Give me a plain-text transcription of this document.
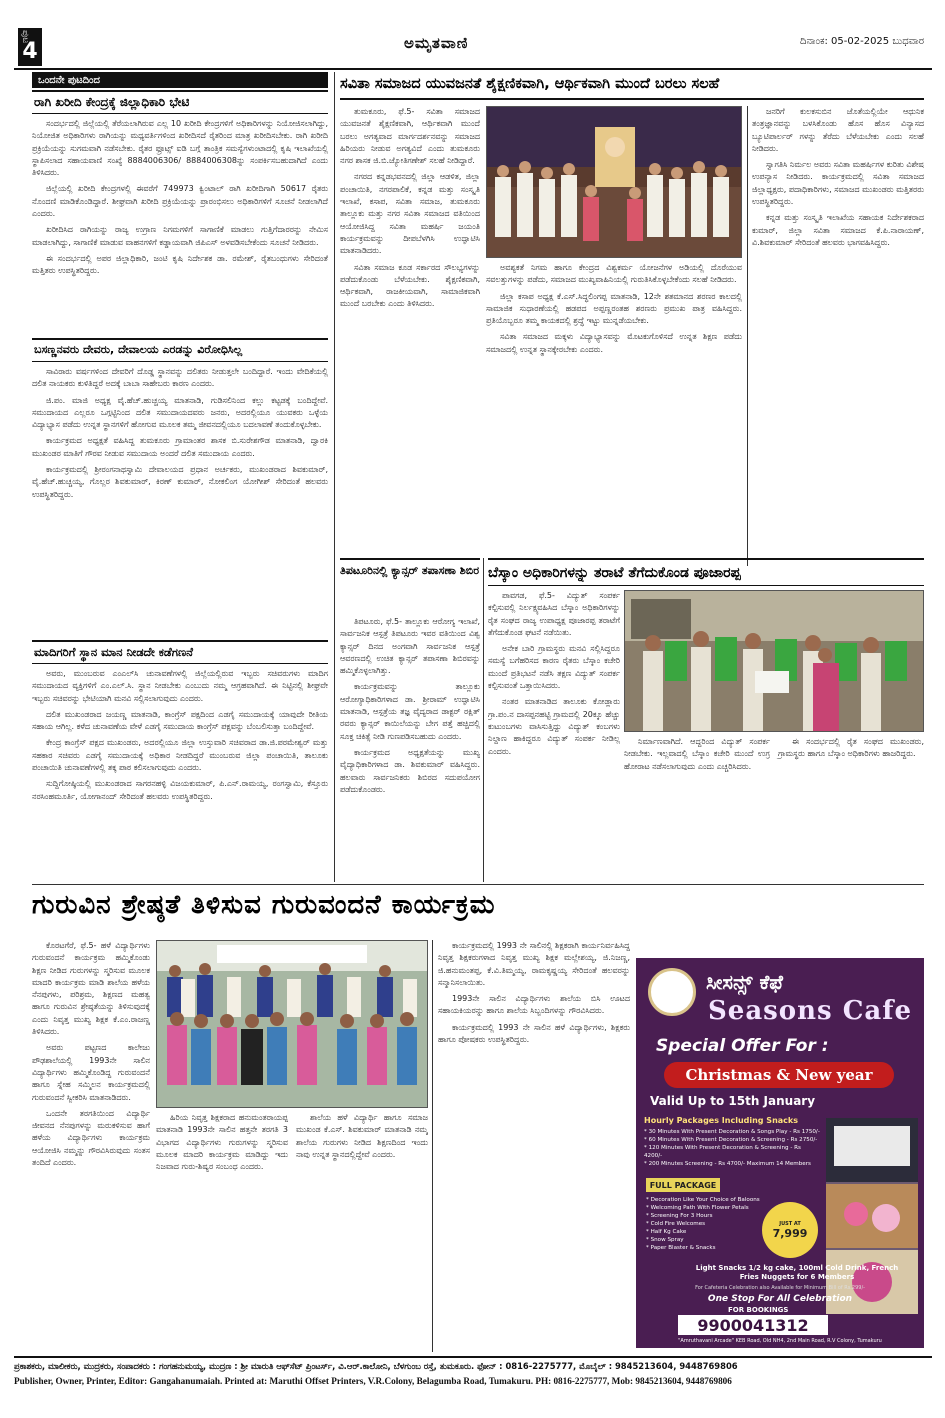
4
ಪುಟ	ಅಮೃತವಾಣಿ	ದಿನಾಂಕ: 05-02-2025 ಬುಧವಾರ
ಒಂದನೇ ಪುಟದಿಂದ
ರಾಗಿ ಖರೀದಿ ಕೇಂದ್ರಕ್ಕೆ ಜಿಲ್ಲಾಧಿಕಾರಿ ಭೇಟಿ

ಸಂದರ್ಭದಲ್ಲಿ ಜಿಲ್ಲೆಯಲ್ಲಿ ತೆರೆಯಲಾಗಿರುವ ಎಲ್ಲ 10 ಖರೀದಿ ಕೇಂದ್ರಗಳಿಗೆ ಅಧಿಕಾರಿಗಳನ್ನು ನಿಯೋಜಿಸಲಾಗಿದ್ದು, ನಿಯೋಜಿತ ಅಧಿಕಾರಿಗಳು ರಾಗಿಯನ್ನು ಮಧ್ಯವರ್ತಿಗಳಿಂದ ಖರೀದಿಸದೆ ರೈತರಿಂದ ಮಾತ್ರ ಖರೀದಿಸಬೇಕು. ರಾಗಿ ಖರೀದಿ ಪ್ರಕ್ರಿಯೆಯನ್ನು ಸುಗಮವಾಗಿ ನಡೆಸಬೇಕು. ರೈತರ ಫ್ರೂಟ್ಸ್ ಐಡಿ ಬಗ್ಗೆ ತಾಂತ್ರಿಕ ಸಮಸ್ಯೆಗಳುಂಟಾದಲ್ಲಿ ಕೃಷಿ ಇಲಾಖೆಯಲ್ಲಿ ಸ್ಥಾಪಿಸಲಾದ ಸಹಾಯವಾಣಿ ಸಂಖ್ಯೆ 8884006306/ 8884006308ನ್ನು ಸಂಪರ್ಕಿಸಬಹುದಾಗಿದೆ ಎಂದು ತಿಳಿಸಿದರು.

ಜಿಲ್ಲೆಯಲ್ಲಿ ಖರೀದಿ ಕೇಂದ್ರಗಳಲ್ಲಿ ಈವರೆಗೆ 749973 ಕ್ವಿಂಟಾಲ್ ರಾಗಿ ಖರೀದಿಗಾಗಿ 50617 ರೈತರು ನೊಂದಣಿ ಮಾಡಿಕೊಂಡಿದ್ದಾರೆ. ಶೀಘ್ರವಾಗಿ ಖರೀದಿ ಪ್ರಕ್ರಿಯೆಯನ್ನು ಪ್ರಾರಂಭಿಸಲು ಅಧಿಕಾರಿಗಳಿಗೆ ಸೂಚನೆ ನೀಡಲಾಗಿದೆ ಎಂದರು.

ಖರೀದಿಸಿದ ರಾಗಿಯನ್ನು ರಾಜ್ಯ ಉಗ್ರಾಣ ನಿಗಮಗಳಿಗೆ ಸಾಗಾಣಿಕೆ ಮಾಡಲು ಗುತ್ತಿಗೆದಾರರನ್ನು ನೇಮಿಸ ಮಾಡಲಾಗಿದ್ದು, ಸಾಗಾಣಿಕೆ ಮಾಡುವ ವಾಹನಗಳಿಗೆ ಕಡ್ಡಾಯವಾಗಿ ಜಿಪಿಎಸ್ ಅಳವಡಿಸಬೇಕೆಂದು ಸೂಚನೆ ನೀಡಿದರು.

ಈ ಸಂದರ್ಭದಲ್ಲಿ ಅಪರ ಜಿಲ್ಲಾಧಿಕಾರಿ, ಜಂಟಿ ಕೃಷಿ ನಿರ್ದೇಶಕ ಡಾ. ರಮೇಶ್, ರೈತಬಂಧುಗಳು ಸೇರಿದಂತೆ ಮತ್ತಿತರು ಉಪಸ್ಥಿತರಿದ್ದರು.

ಬಸಣ್ಣನವರು ದೇವರು, ದೇವಾಲಯ ಎರಡನ್ನು ವಿರೋಧಿಸಿಲ್ಲ

ಸಾವಿರಾರು ವರ್ಷಗಳಿಂದ ದೇವರಿಗೆ ದೊಡ್ಡ ಸ್ಥಾನವನ್ನು ದಲಿತರು ನೀಡುತ್ತಲೇ ಬಂದಿದ್ದಾರೆ. ಇಂದು ವೇದಿಕೆಯಲ್ಲಿ ದಲಿತ ನಾಯಕರು ಕುಳಿತಿದ್ದರೆ ಅದಕ್ಕೆ ಬಾಬಾ ಸಾಹೇಬರು ಕಾರಣ ಎಂದರು.

ಜಿ.ಪಂ. ಮಾಜಿ ಅಧ್ಯಕ್ಷ ವೈ.ಹೆಚ್.ಹುಚ್ಚಯ್ಯ ಮಾತನಾಡಿ, ಗುಡಿಸಲಿನಿಂದ ಕಲ್ಲು ಕಟ್ಟಡಕ್ಕೆ ಬಂದಿದ್ದೇವೆ. ಸಮುದಾಯದ ಎಲ್ಲರೂ ಒಗ್ಗಟ್ಟಿನಿಂದ ದಲಿತ ಸಮುದಾಯದವರು ಜನರು, ಅದರಲ್ಲಿಯೂ ಯುವಕರು ಒಳ್ಳೆಯ ವಿದ್ಯಾಭ್ಯಾಸ ಪಡೆದು ಉನ್ನತ ಸ್ಥಾನಗಳಿಗೆ ಹೋಗುವ ಮೂಲಕ ತಮ್ಮ ಜೀವನದಲ್ಲಿಯೂ ಬದಲಾವಣೆ ತಂದುಕೊಳ್ಳಬೇಕು.

ಕಾರ್ಯಕ್ರಮದ ಅಧ್ಯಕ್ಷತೆ ವಹಿಸಿದ್ದ ತುಮಕೂರು ಗ್ರಾಮಾಂತರ ಶಾಸಕ ಬಿ.ಸುರೇಶಗೌಡ ಮಾತನಾಡಿ, ದ್ವಾರಕಿ ಮುಖಂಡರ ಮಾತಿಗೆ ಗೌರವ ನೀಡುವ ಸಮುದಾಯ ಅಂದರೆ ದಲಿತ ಸಮುದಾಯ ಎಂದರು.

ಕಾರ್ಯಕ್ರಮದಲ್ಲಿ ಶ್ರೀರಂಗನಾಥಸ್ವಾಮಿ ದೇವಾಲಯದ ಪ್ರಧಾನ ಅರ್ಚಕರು, ಮುಖಂಡರಾದ ಶಿವಕುಮಾರ್, ವೈ.ಹೆಚ್.ಹುಚ್ಚಯ್ಯ, ಗೊಲ್ಲರ ಶಿವಕುಮಾರ್, ಕಿರಣ್ ಕುಮಾರ್, ನೋಕಲಿಂಗ ಯೋಗೀಶ್ ಸೇರಿದಂತೆ ಹಲವರು ಉಪಸ್ಥಿತರಿದ್ದರು.

ಮಾದಿಗರಿಗೆ ಸ್ಥಾನ ಮಾನ ನೀಡದೇ ಕಡೆಗಣನೆ

ಅವರು, ಮುಂಬರುವ ಎಂಎಲ್‌ಸಿ ಚುನಾವಣೆಗಳಲ್ಲಿ ಜಿಲ್ಲೆಯಲ್ಲಿರುವ ಇಬ್ಬರು ಸಚಿವರುಗಳು ಮಾದಿಗ ಸಮುದಾಯದ ವ್ಯಕ್ತಿಗಳಿಗೆ ಎಂ.ಎಲ್.ಸಿ. ಸ್ಥಾನ ನೀಡಬೇಕು ಎಂಬುದು ನಮ್ಮ ಆಗ್ರಹವಾಗಿದೆ. ಈ ನಿಟ್ಟಿನಲ್ಲಿ ಶೀಘ್ರವೇ ಇಬ್ಬರು ಸಚಿವರನ್ನು ಭೇಟಿಯಾಗಿ ಮನವಿ ಸಲ್ಲಿಸಲಾಗುವುದು ಎಂದರು.

ದಲಿತ ಮುಖಂಡರಾದ ಜಯಣ್ಣ ಮಾತನಾಡಿ, ಕಾಂಗ್ರೆಸ್ ಪಕ್ಷದಿಂದ ಎಡಗೈ ಸಮುದಾಯಕ್ಕೆ ಯಾವುದೇ ರೀತಿಯ ಸಹಾಯ ಆಗಿಲ್ಲ. ಕಳೆದ ಚುನಾವಣೆಯ ವೇಳೆ ಎಡಗೈ ಸಮುದಾಯ ಕಾಂಗ್ರೆಸ್ ಪಕ್ಷವನ್ನು ಬೆಂಬಲಿಸುತ್ತಾ ಬಂದಿದ್ದೇವೆ.

ಕೇಂದ್ರ ಕಾಂಗ್ರೆಸ್ ಪಕ್ಷದ ಮುಖಂಡರು, ಅದರಲ್ಲಿಯೂ ಜಿಲ್ಲಾ ಉಸ್ತುವಾರಿ ಸಚಿವರಾದ ಡಾ.ಜಿ.ಪರಮೇಶ್ವರ್ ಮತ್ತು ಸಹಕಾರ ಸಚಿವರು ಎಡಗೈ ಸಮುದಾಯಕ್ಕೆ ಅಧಿಕಾರ ನೀಡದಿದ್ದರೆ ಮುಂಬರುವ ಜಿಲ್ಲಾ ಪಂಚಾಯಿತಿ, ತಾಲೂಕು ಪಂಚಾಯಿತಿ ಚುನಾವಣೆಗಳಲ್ಲಿ ತಕ್ಕ ಪಾಠ ಕಲಿಸಲಾಗುವುದು ಎಂದರು.

ಸುದ್ದಿಗೋಷ್ಠಿಯಲ್ಲಿ ಮುಖಂಡರಾದ ಸಾಗರನಹಳ್ಳಿ ವಿಜಯಕುಮಾರ್, ಪಿ.ಎನ್.ರಾಮಯ್ಯ, ರಂಗಸ್ವಾಮಿ, ಕೆಸ್ತೂರು ನರಸಿಂಹಮೂರ್ತಿ, ಯೋಗಾನಂದ್ ಸೇರಿದಂತೆ ಹಲವರು ಉಪಸ್ಥಿತರಿದ್ದರು.

ಸವಿತಾ ಸಮಾಜದ ಯುವಜನತೆ ಶೈಕ್ಷಣಿಕವಾಗಿ, ಆರ್ಥಿಕವಾಗಿ ಮುಂದೆ ಬರಲು ಸಲಹೆ

ತುಮಕೂರು, ಫೆ.5- ಸವಿತಾ ಸಮಾಜದ ಯುವಜನತೆ ಶೈಕ್ಷಣಿಕವಾಗಿ, ಆರ್ಥಿಕವಾಗಿ ಮುಂದೆ ಬರಲು ಅಗತ್ಯವಾದ ಮಾರ್ಗದರ್ಶನವನ್ನು ಸಮಾಜದ ಹಿರಿಯರು ನೀಡುವ ಅಗತ್ಯವಿದೆ ಎಂದು ತುಮಕೂರು ನಗರ ಶಾಸಕ ಜಿ.ಬಿ.ಜ್ಯೋತಿಗಣೇಶ್ ಸಲಹೆ ನೀಡಿದ್ದಾರೆ.

ನಗರದ ಕನ್ನಡಭವನದಲ್ಲಿ ಜಿಲ್ಲಾ ಆಡಳಿತ, ಜಿಲ್ಲಾ ಪಂಚಾಯಿತಿ, ನಗರಪಾಲಿಕೆ, ಕನ್ನಡ ಮತ್ತು ಸಂಸ್ಕೃತಿ ಇಲಾಖೆ, ಕಸಾಪ, ಸವಿತಾ ಸಮಾಜ, ತುಮಕೂರು ತಾಲ್ಲೂಕು ಮತ್ತು ನಗರ ಸವಿತಾ ಸಮಾಜದ ವತಿಯಿಂದ ಆಯೋಜಿಸಿದ್ದ ಸವಿತಾ ಮಹರ್ಷಿ ಜಯಂತಿ ಕಾರ್ಯಕ್ರಮವನ್ನು ದೀಪಬೆಳಗಿಸಿ ಉದ್ಘಾಟಿಸಿ ಮಾತನಾಡಿದರು.

ಸವಿತಾ ಸಮಾಜ ಕೂಡ ಸರ್ಕಾರದ ಸೌಲಭ್ಯಗಳನ್ನು ಪಡೆದುಕೊಂಡು ಬೆಳೆಯಬೇಕು. ಶೈಕ್ಷಣಿಕವಾಗಿ, ಆರ್ಥಿಕವಾಗಿ, ರಾಜಕೀಯವಾಗಿ, ಸಾಮಾಜಿಕವಾಗಿ ಮುಂದೆ ಬರಬೇಕು ಎಂದು ತಿಳಿಸಿದರು.

ಅವಶ್ಯಕತೆ ನಿಗಮ ಹಾಗೂ ಕೇಂದ್ರದ ವಿಶ್ವಕರ್ಮ ಯೋಜನೆಗಳ ಅಡಿಯಲ್ಲಿ ದೊರೆಯುವ ಸವಲತ್ತುಗಳನ್ನು ಪಡೆದು, ಸಮಾಜದ ಮುಖ್ಯವಾಹಿನಿಯಲ್ಲಿ ಗುರುತಿಸಿಕೊಳ್ಳಬೇಕೆಂದು ಸಲಹೆ ನೀಡಿದರು.

ಜಿಲ್ಲಾ ಕಸಾಪ ಅಧ್ಯಕ್ಷ ಕೆ.ಎಸ್.ಸಿದ್ಧಲಿಂಗಪ್ಪ ಮಾತನಾಡಿ, 12ನೇ ಶತಮಾನದ ಶರಣರ ಕಾಲದಲ್ಲಿ ಸಾಮಾಜಿಕ ಸುಧಾರಣೆಯಲ್ಲಿ ಹಡಪದ ಅಪ್ಪಣ್ಣರಂತಹ ಶರಣರು ಪ್ರಮುಖ ಪಾತ್ರ ವಹಿಸಿದ್ದರು. ಪ್ರತಿಯೊಬ್ಬರೂ ತಮ್ಮ ಕಾಯಕದಲ್ಲಿ ಶ್ರದ್ಧೆ ಇಟ್ಟು ಮುನ್ನಡೆಯಬೇಕು.

ಸವಿತಾ ಸಮಾಜದ ಮಕ್ಕಳು ವಿದ್ಯಾಭ್ಯಾಸವನ್ನು ಮೊಟಕುಗೊಳಿಸದೆ ಉನ್ನತ ಶಿಕ್ಷಣ ಪಡೆದು ಸಮಾಜದಲ್ಲಿ ಉನ್ನತ ಸ್ಥಾನಕ್ಕೇರಬೇಕು ಎಂದರು.

ಜನರಿಗೆ ಕುಲಕಸುಬಿನ ಜೊತೆಯಲ್ಲಿಯೇ ಆಧುನಿಕ ತಂತ್ರಜ್ಞಾನವನ್ನು ಬಳಸಿಕೊಂಡು ಹೊಸ ಹೊಸ ವಿನ್ಯಾಸದ ಬ್ಯೂಟಿಪಾರ್ಲರ್ ಗಳನ್ನು ತೆರೆದು ಬೆಳೆಯಬೇಕು ಎಂದು ಸಲಹೆ ನೀಡಿದರು.

ಸ್ವಾಗತಿಸಿ ನಿರ್ಮಲ ಅವರು ಸವಿತಾ ಮಹರ್ಷಿಗಳ ಕುರಿತು ವಿಶೇಷ ಉಪನ್ಯಾಸ ನೀಡಿದರು. ಕಾರ್ಯಕ್ರಮದಲ್ಲಿ ಸವಿತಾ ಸಮಾಜದ ಜಿಲ್ಲಾಧ್ಯಕ್ಷರು, ಪದಾಧಿಕಾರಿಗಳು, ಸಮಾಜದ ಮುಖಂಡರು ಮತ್ತಿತರರು ಉಪಸ್ಥಿತರಿದ್ದರು.

ಕನ್ನಡ ಮತ್ತು ಸಂಸ್ಕೃತಿ ಇಲಾಖೆಯ ಸಹಾಯಕ ನಿರ್ದೇಶಕರಾದ ಕುಮಾರ್, ಜಿಲ್ಲಾ ಸವಿತಾ ಸಮಾಜದ ಕೆ.ಪಿ.ನಾರಾಯಣ್, ವಿ.ಶಿವಕುಮಾರ್ ಸೇರಿದಂತೆ ಹಲವರು ಭಾಗವಹಿಸಿದ್ದರು.

ತಿಪಟೂರಿನಲ್ಲಿ ಕ್ಯಾನ್ಸರ್ ತಪಾಸಣಾ ಶಿಬಿರ

ತಿಪಟೂರು, ಫೆ.5- ತಾಲ್ಲೂಕು ಆರೋಗ್ಯ ಇಲಾಖೆ, ಸಾರ್ವಜನಿಕ ಆಸ್ಪತ್ರೆ ತಿಪಟೂರು ಇವರ ವತಿಯಿಂದ ವಿಶ್ವ ಕ್ಯಾನ್ಸರ್ ದಿನದ ಅಂಗವಾಗಿ ಸಾರ್ವಜನಿಕ ಆಸ್ಪತ್ರೆ ಆವರಣದಲ್ಲಿ ಉಚಿತ ಕ್ಯಾನ್ಸರ್ ತಪಾಸಣಾ ಶಿಬಿರವನ್ನು ಹಮ್ಮಿಕೊಳ್ಳಲಾಗಿತ್ತು.

ಕಾರ್ಯಕ್ರಮವನ್ನು ತಾಲ್ಲೂಕು ಆರೋಗ್ಯಾಧಿಕಾರಿಗಳಾದ ಡಾ. ಶ್ರೀರಾಮ್ ಉದ್ಘಾಟಿಸಿ ಮಾತನಾಡಿ, ಆಸ್ಪತ್ರೆಯ ತಜ್ಞ ವೈದ್ಯರಾದ ಡಾಕ್ಟರ್ ರಕ್ಷಿತ್ ರವರು ಕ್ಯಾನ್ಸರ್ ಕಾಯಿಲೆಯನ್ನು ಬೇಗ ಪತ್ತೆ ಹಚ್ಚಿದಲ್ಲಿ ಸೂಕ್ತ ಚಿಕಿತ್ಸೆ ನೀಡಿ ಗುಣಪಡಿಸಬಹುದು ಎಂದರು.

ಕಾರ್ಯಕ್ರಮದ ಅಧ್ಯಕ್ಷತೆಯನ್ನು ಮುಖ್ಯ ವೈದ್ಯಾಧಿಕಾರಿಗಳಾದ ಡಾ. ಶಿವಕುಮಾರ್ ವಹಿಸಿದ್ದರು. ಹಲವಾರು ಸಾರ್ವಜನಿಕರು ಶಿಬಿರದ ಸದುಪಯೋಗ ಪಡೆದುಕೊಂಡರು.

ಬೆಸ್ಕಾಂ ಅಧಿಕಾರಿಗಳನ್ನು ತರಾಟೆ ತೆಗೆದುಕೊಂಡ ಪೂಜಾರಪ್ಪ

ಪಾವಗಡ, ಫೆ.5- ವಿದ್ಯುತ್ ಸಂಪರ್ಕ ಕಲ್ಪಿಸುವಲ್ಲಿ ನಿರ್ಲಕ್ಷ್ಯವಹಿಸಿದ ಬೆಸ್ಕಾಂ ಅಧಿಕಾರಿಗಳನ್ನು ರೈತ ಸಂಘದ ರಾಜ್ಯ ಉಪಾಧ್ಯಕ್ಷ ಪೂಜಾರಪ್ಪ ತರಾಟೆಗೆ ತೆಗೆದುಕೊಂಡ ಘಟನೆ ನಡೆಯಿತು.

ಅನೇಕ ಬಾರಿ ಗ್ರಾಮಸ್ಥರು ಮನವಿ ಸಲ್ಲಿಸಿದ್ದರೂ ಸಮಸ್ಯೆ ಬಗೆಹರಿಸದ ಕಾರಣ ರೈತರು ಬೆಸ್ಕಾಂ ಕಚೇರಿ ಮುಂದೆ ಪ್ರತಿಭಟನೆ ನಡೆಸಿ ತಕ್ಷಣ ವಿದ್ಯುತ್ ಸಂಪರ್ಕ ಕಲ್ಪಿಸುವಂತೆ ಒತ್ತಾಯಿಸಿದರು.

ನಂತರ ಮಾತನಾಡಿದ ತಾಲೂಕು ಕೋಡ್ಲಾರು ಗ್ರಾ.ಪಂ.ನ ದಾಸಪ್ಪನಹಟ್ಟಿ ಗ್ರಾಮದಲ್ಲಿ 20ಕ್ಕೂ ಹೆಚ್ಚು ಕುಟುಂಬಗಳು ವಾಸಿಸುತ್ತಿದ್ದು ವಿದ್ಯುತ್ ಕಂಬಗಳು ನಿಲ್ದಾಣ ಹಾಕಿದ್ದರೂ ವಿದ್ಯುತ್ ಸಂಪರ್ಕ ನೀಡಿಲ್ಲ ಎಂದರು.

ನಿರ್ಮಾಣವಾಗಿದೆ. ಆದ್ದರಿಂದ ವಿದ್ಯುತ್ ಸಂಪರ್ಕ ನೀಡಬೇಕು. ಇಲ್ಲವಾದಲ್ಲಿ ಬೆಸ್ಕಾಂ ಕಚೇರಿ ಮುಂದೆ ಉಗ್ರ ಹೋರಾಟ ನಡೆಸಲಾಗುವುದು ಎಂದು ಎಚ್ಚರಿಸಿದರು.

ಈ ಸಂದರ್ಭದಲ್ಲಿ ರೈತ ಸಂಘದ ಮುಖಂಡರು, ಗ್ರಾಮಸ್ಥರು ಹಾಗೂ ಬೆಸ್ಕಾಂ ಅಧಿಕಾರಿಗಳು ಹಾಜರಿದ್ದರು.

ಗುರುವಿನ ಶ್ರೇಷ್ಠತೆ ತಿಳಿಸುವ ಗುರುವಂದನೆ ಕಾರ್ಯಕ್ರಮ

ಕೊರಟಗೆರೆ, ಫೆ.5- ಹಳೆ ವಿದ್ಯಾರ್ಥಿಗಳು ಗುರುವಂದನೆ ಕಾರ್ಯಕ್ರಮ ಹಮ್ಮಿಕೊಂಡು ಶಿಕ್ಷಣ ನೀಡಿದ ಗುರುಗಳನ್ನು ಸ್ಮರಿಸುವ ಮೂಲಕ ಮಾದರಿ ಕಾರ್ಯಕ್ರಮ ಮಾಡಿ ಶಾಲೆಯ ಹಳೆಯ ನೆನಪುಗಳು, ಪರಿಶ್ರಮ, ಶಿಕ್ಷಣದ ಮಹತ್ವ ಹಾಗೂ ಗುರುವಿನ ಶ್ರೇಷ್ಠತೆಯನ್ನು ತಿಳಿಸುವುದಕ್ಕೆ ಎಂದು ನಿವೃತ್ತ ಮುಖ್ಯ ಶಿಕ್ಷಕ ಕೆ.ಎಂ.ರಾಜಣ್ಣ ತಿಳಿಸಿದರು.

ಅವರು ಪಟ್ಟಣದ ಕಾಲೇಜು ಪೌಢಶಾಲೆಯಲ್ಲಿ 1993ನೇ ಸಾಲಿನ ವಿದ್ಯಾರ್ಥಿಗಳು ಹಮ್ಮಿಕೊಂಡಿದ್ದ ಗುರುವಂದನೆ ಹಾಗೂ ಸ್ನೇಹ ಸಮ್ಮಿಲನ ಕಾರ್ಯಕ್ರಮದಲ್ಲಿ ಗುರುವಂದನೆ ಸ್ವೀಕರಿಸಿ ಮಾತನಾಡಿದರು.

ಒಂದನೇ ತರಗತಿಯಿಂದ ವಿದ್ಯಾರ್ಥಿ ಜೀವನದ ನೆನಪುಗಳನ್ನು ಮರುಕಳಿಸುವ ಹಾಗೆ ಹಳೆಯ ವಿದ್ಯಾರ್ಥಿಗಳು ಕಾರ್ಯಕ್ರಮ ಆಯೋಜಿಸಿ ನಮ್ಮನ್ನು ಗೌರವಿಸಿರುವುದು ಸಂತಸ ತಂದಿದೆ ಎಂದರು.

ಹಿರಿಯ ನಿವೃತ್ತ ಶಿಕ್ಷಕರಾದ ಹನುಮಂತರಾಯಪ್ಪ ಮಾತನಾಡಿ 1993ನೇ ಸಾಲಿನ ಹತ್ತನೇ ತರಗತಿ 3 ವಿಭಾಗದ ವಿದ್ಯಾರ್ಥಿಗಳು ಗುರುಗಳನ್ನು ಸ್ಮರಿಸುವ ಮೂಲಕ ಮಾದರಿ ಕಾರ್ಯಕ್ರಮ ಮಾಡಿದ್ದು ಇದು ನಿಜವಾದ ಗುರು-ಶಿಷ್ಯರ ಸಂಬಂಧ ಎಂದರು.

ಶಾಲೆಯ ಹಳೆ ವಿದ್ಯಾರ್ಥಿ ಹಾಗೂ ಸಮಾಜ ಮುಖಂಡ ಕೆ.ಎಸ್. ಶಿವಕುಮಾರ್ ಮಾತನಾಡಿ ನಮ್ಮ ಶಾಲೆಯ ಗುರುಗಳು ನೀಡಿದ ಶಿಕ್ಷಣದಿಂದ ಇಂದು ನಾವು ಉನ್ನತ ಸ್ಥಾನದಲ್ಲಿದ್ದೇವೆ ಎಂದರು.

ಕಾರ್ಯಕ್ರಮದಲ್ಲಿ 1993 ನೇ ಸಾಲಿನಲ್ಲಿ ಶಿಕ್ಷಕರಾಗಿ ಕಾರ್ಯನಿರ್ವಹಿಸಿದ್ದ ನಿವೃತ್ತ ಶಿಕ್ಷಕರುಗಳಾದ ನಿವೃತ್ತ ಮುಖ್ಯ ಶಿಕ್ಷಕ ಮಲ್ಲೇಶಯ್ಯ, ಜಿ.ನಿಜಣ್ಣ, ಜಿ.ಹನುಮಂತಪ್ಪ, ಕೆ.ವಿ.ತಿಮ್ಮಯ್ಯ, ರಾಮಕೃಷ್ಣಯ್ಯ ಸೇರಿದಂತೆ ಹಲವರನ್ನು ಸನ್ಮಾನಿಸಲಾಯಿತು.

1993ನೇ ಸಾಲಿನ ವಿದ್ಯಾರ್ಥಿಗಳು ಶಾಲೆಯ ಬಿಸಿ ಊಟದ ಸಹಾಯಕಿಯರನ್ನು ಹಾಗೂ ಶಾಲೆಯ ಸಿಬ್ಬಂದಿಗಳನ್ನು ಗೌರವಿಸಿದರು.

ಕಾರ್ಯಕ್ರಮದಲ್ಲಿ 1993 ನೇ ಸಾಲಿನ ಹಳೆ ವಿದ್ಯಾರ್ಥಿಗಳು, ಶಿಕ್ಷಕರು ಹಾಗೂ ಪೋಷಕರು ಉಪಸ್ಥಿತರಿದ್ದರು.

ಸೀಸನ್ಸ್ ಕೆಫೆ
Seasons Cafe
Special Offer For :
Christmas & New year
Valid Up to 15th January
Hourly Packages Including Snacks
* 30 Minutes With Present Decoration & Songs Play - Rs 1750/-
* 60 Minutes With Present Decoration & Screening - Rs 2750/-
* 120 Minutes With Present Decoration & Screening - Rs 4200/-
* 200 Minutes Screening - Rs 4700/- Maximum 14 Members
FULL PACKAGE
* Decoration Like Your Choice of Baloons
* Welcoming Path With Flower Petals
* Screening For 3 Hours
* Cold Fire Welcomes
* Half Kg Cake
* Snow Spray
* Paper Blaster & Snacks
JUST AT
7,999
Light Snacks 1/2 kg cake, 100ml Cold Drink, French Fries Nuggets for 6 Members
For Cafeteria Celebration also Available for Minimum Bill of Rs.299/-
One Stop For All Celebration
FOR BOOKINGS
9900041312
"Amruthavani Arcade" KEB Road, Old NH4, 2nd Main Road, R.V Colony, Tumakuru
ಪ್ರಕಾಶಕರು, ಮಾಲೀಕರು, ಮುದ್ರಕರು, ಸಂಪಾದಕರು : ಗಂಗಹನುಮಯ್ಯ, ಮುದ್ರಣ : ಶ್ರೀ ಮಾರುತಿ ಆಫ್‌ಸೆಟ್ ಪ್ರಿಂಟರ್ಸ್, ವಿ.ಆರ್.ಕಾಲೋನಿ, ಬೆಳಗುಂಬ ರಸ್ತೆ, ತುಮಕೂರು. ಫೋನ್ : 0816-2275777, ಮೊಬೈಲ್ : 9845213604, 9448769806
Publisher, Owner, Printer, Editor: Gangahanumaiah. Printed at: Maruthi Offset Printers, V.R.Colony, Belagumba Road, Tumakuru. PH: 0816-2275777, Mob: 9845213604, 9448769806
